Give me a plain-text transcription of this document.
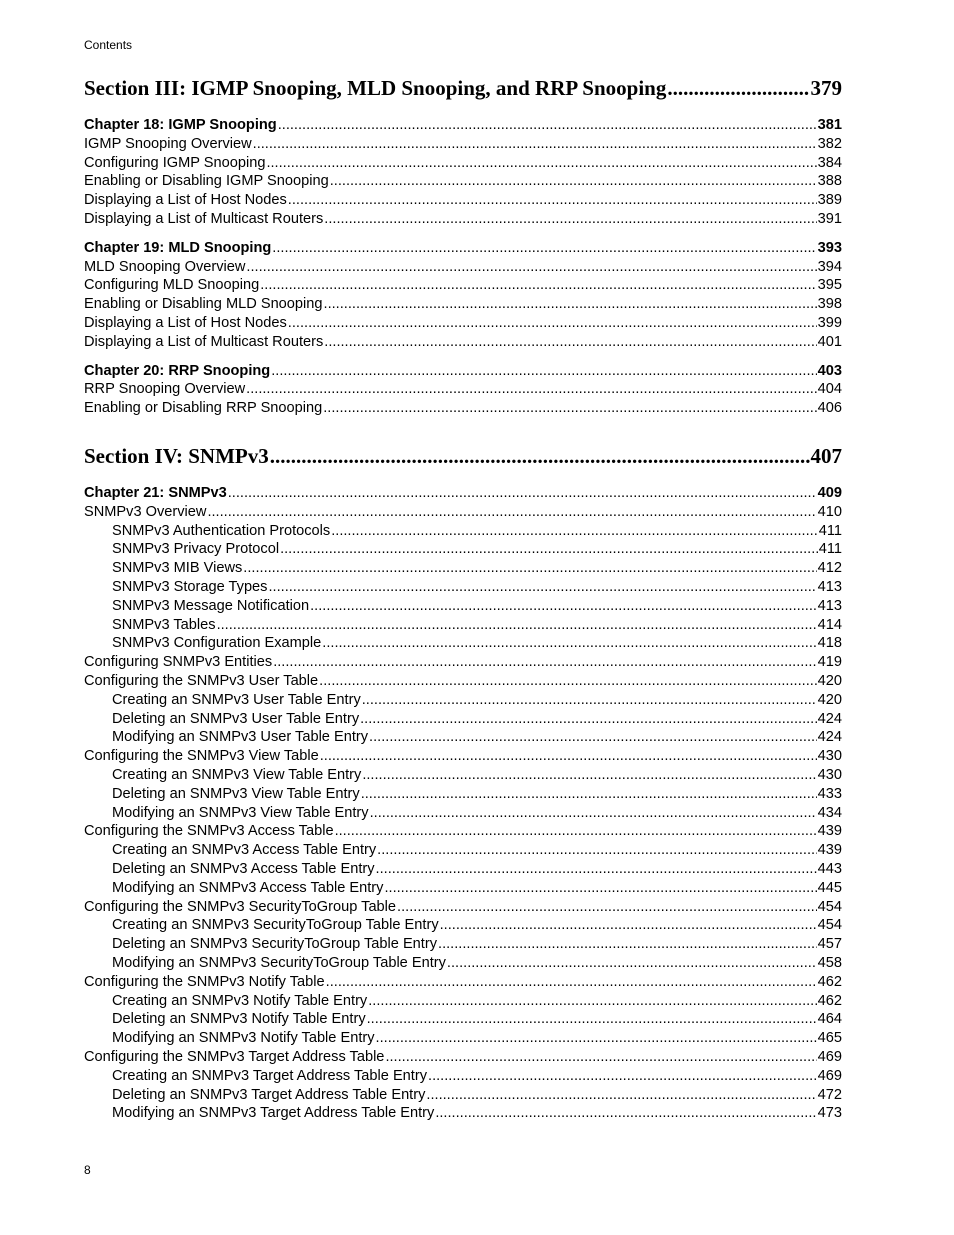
Contents
Section III: IGMP Snooping, MLD Snooping, and RRP Snooping .....	379
Chapter 18: IGMP Snooping .....	381
IGMP Snooping Overview .....	382
Configuring IGMP Snooping .....	384
Enabling or Disabling IGMP Snooping .....	388
Displaying a List of Host Nodes .....	389
Displaying a List of Multicast Routers .....	391
Chapter 19: MLD Snooping .....	393
MLD Snooping Overview .....	394
Configuring MLD Snooping .....	395
Enabling or Disabling MLD Snooping .....	398
Displaying a List of Host Nodes .....	399
Displaying a List of Multicast Routers .....	401
Chapter 20: RRP Snooping .....	403
RRP Snooping Overview .....	404
Enabling or Disabling RRP Snooping .....	406
Section IV: SNMPv3 .....	407
Chapter 21: SNMPv3 .....	409
SNMPv3 Overview .....	410
SNMPv3 Authentication Protocols .....	411
SNMPv3 Privacy Protocol .....	411
SNMPv3 MIB Views .....	412
SNMPv3 Storage Types .....	413
SNMPv3 Message Notification .....	413
SNMPv3 Tables .....	414
SNMPv3 Configuration Example .....	418
Configuring SNMPv3 Entities .....	419
Configuring the SNMPv3 User Table .....	420
Creating an SNMPv3 User Table Entry .....	420
Deleting an SNMPv3 User Table Entry .....	424
Modifying an SNMPv3 User Table Entry .....	424
Configuring the SNMPv3 View Table .....	430
Creating an SNMPv3 View Table Entry .....	430
Deleting an SNMPv3 View Table Entry .....	433
Modifying an SNMPv3 View Table Entry .....	434
Configuring the SNMPv3 Access Table .....	439
Creating an SNMPv3 Access Table Entry .....	439
Deleting an SNMPv3 Access Table Entry .....	443
Modifying an SNMPv3 Access Table Entry .....	445
Configuring the SNMPv3 SecurityToGroup Table .....	454
Creating an SNMPv3 SecurityToGroup Table Entry .....	454
Deleting an SNMPv3 SecurityToGroup Table Entry .....	457
Modifying an SNMPv3 SecurityToGroup Table Entry .....	458
Configuring the SNMPv3 Notify Table .....	462
Creating an SNMPv3 Notify Table Entry .....	462
Deleting an SNMPv3 Notify Table Entry .....	464
Modifying an SNMPv3 Notify Table Entry .....	465
Configuring the SNMPv3 Target Address Table .....	469
Creating an SNMPv3 Target Address Table Entry .....	469
Deleting an SNMPv3 Target Address Table Entry .....	472
Modifying an SNMPv3 Target Address Table Entry .....	473
8
